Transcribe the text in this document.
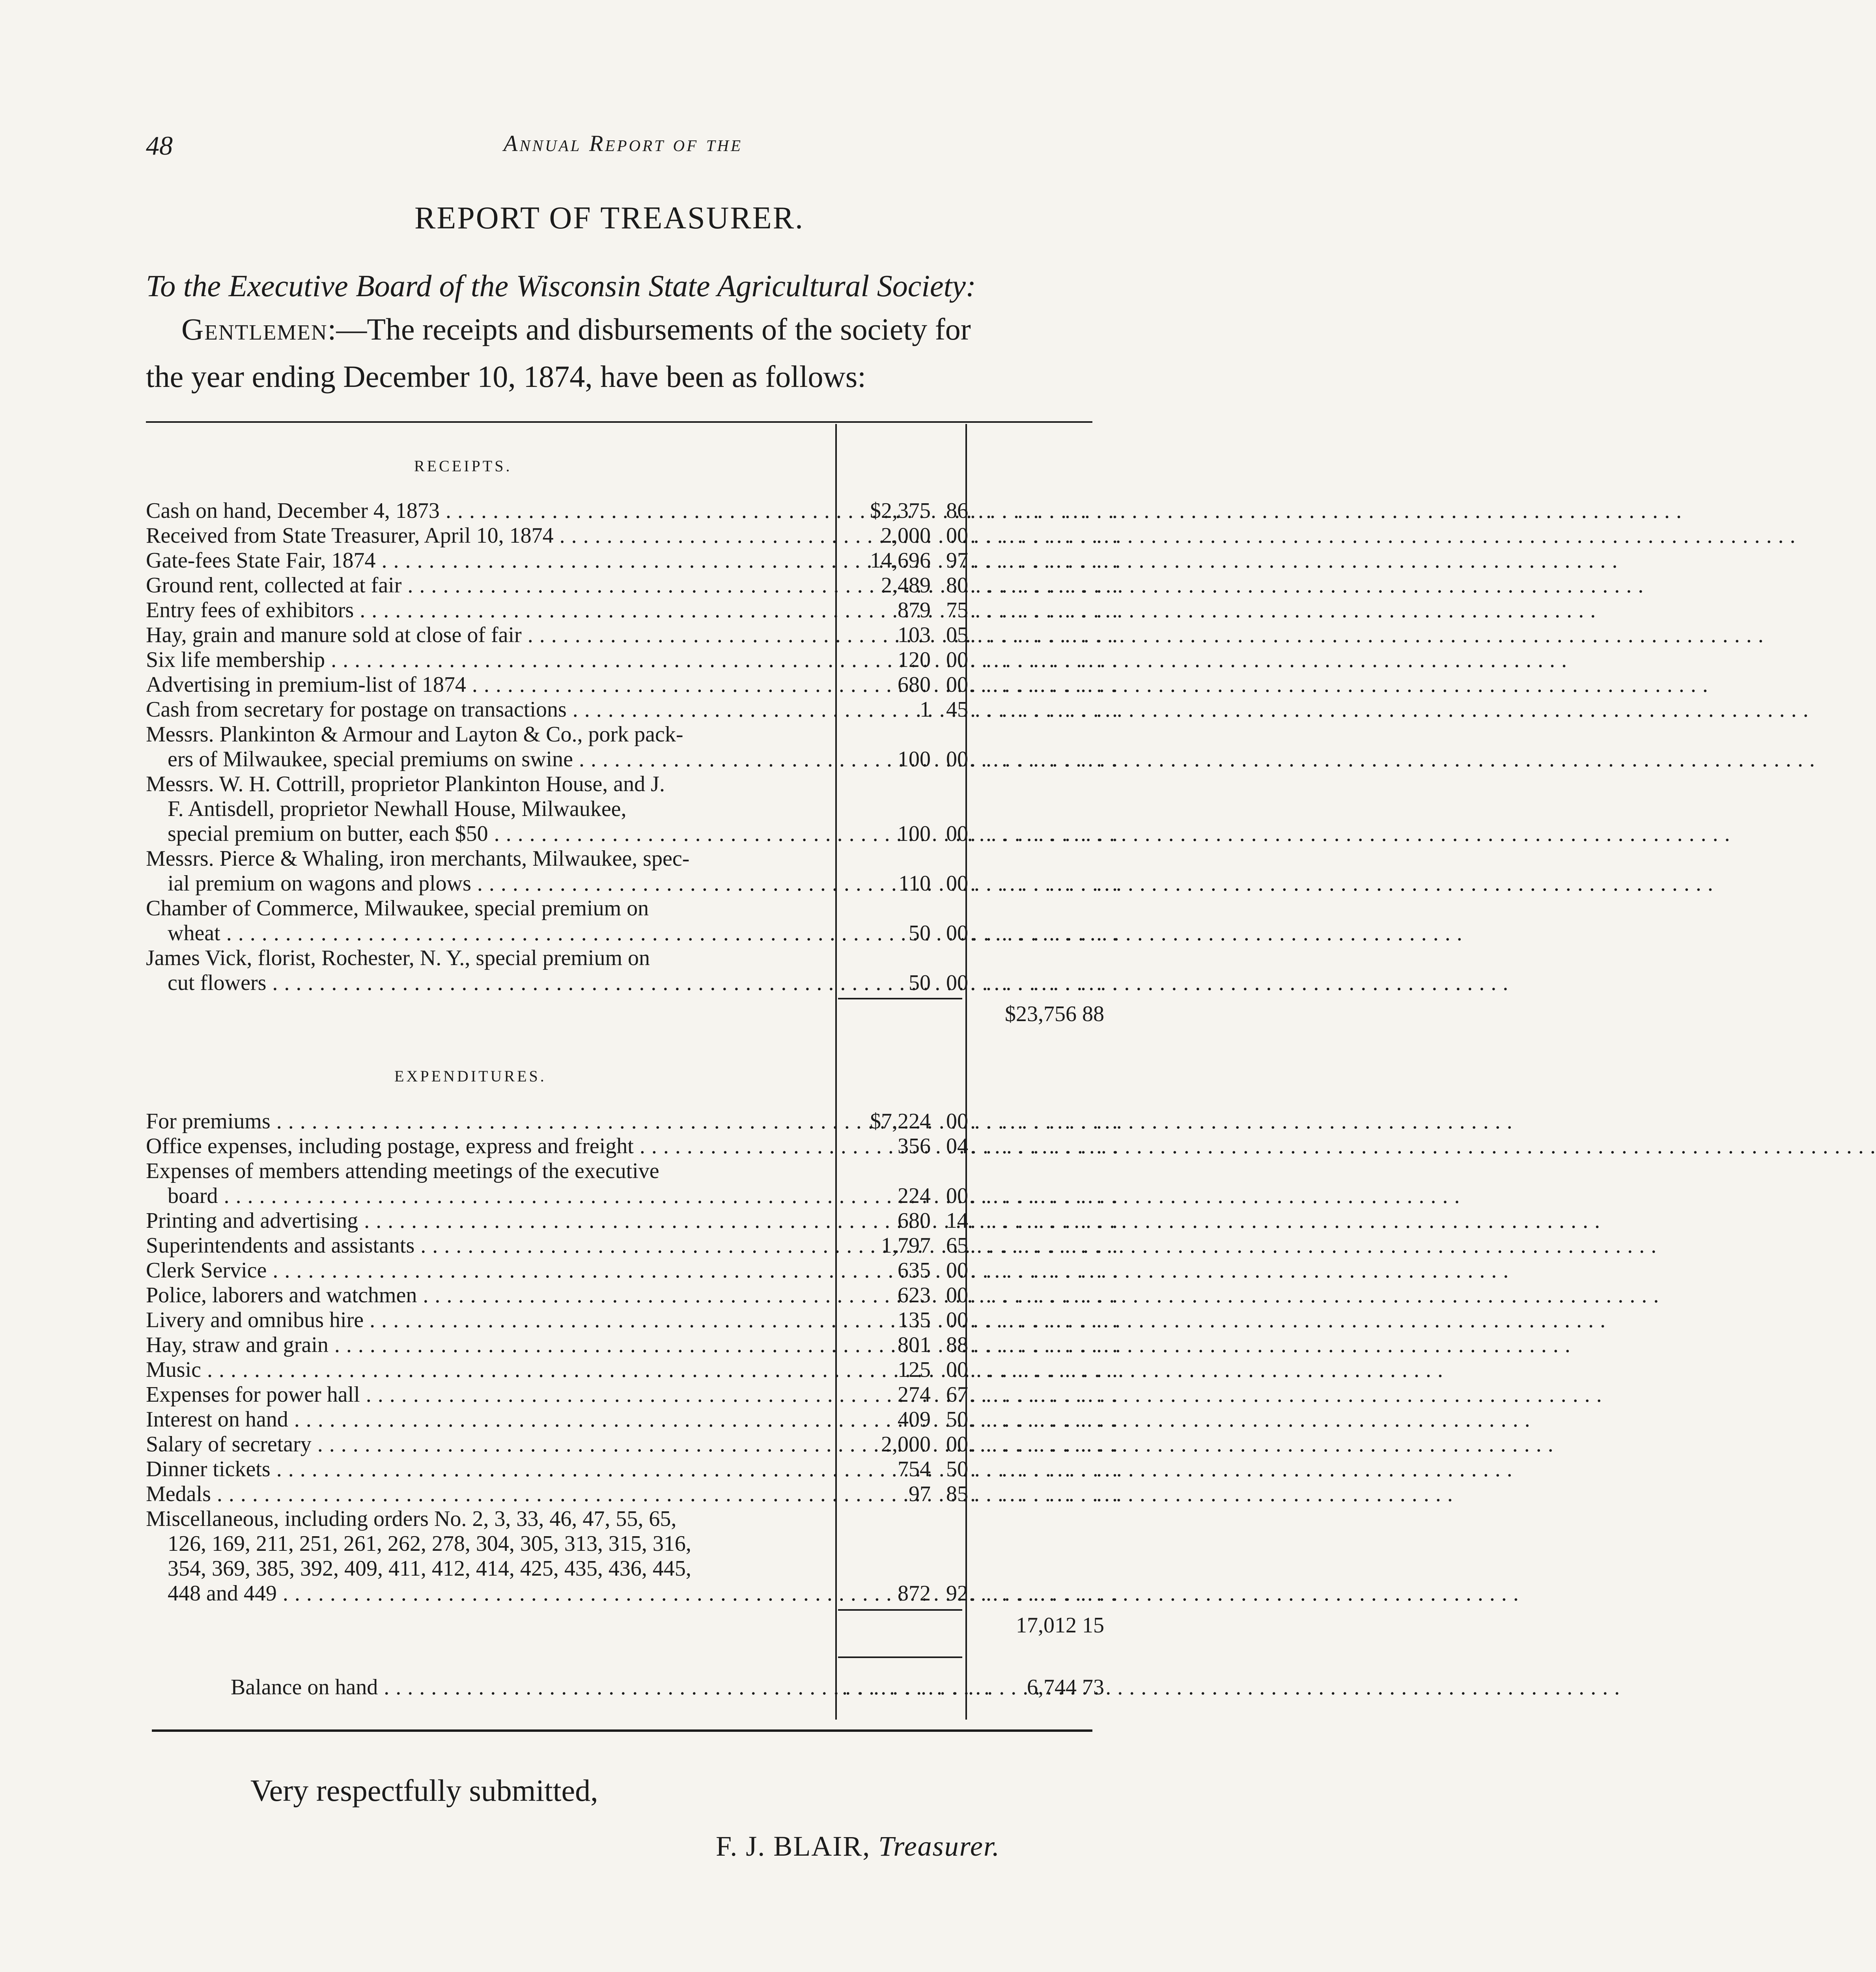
48	Annual Report of the
REPORT OF TREASURER.
To the Executive Board of the Wisconsin State Agricultural Society:
Gentlemen:—The receipts and disbursements of the society for
the year ending December 10, 1874, have been as follows:
RECEIPTS.
Cash on hand, December 4, 1873 . . .	$2,375 86 . . . . . . . . . .
Received from State Treasurer, April 10, 1874 . . .	2,000 00 . . . . . . . . . .
Gate-fees State Fair, 1874 . . .	14,696 97 . . . . . . . . . .
Ground rent, collected at fair . . .	2,489 80 . . . . . . . . . .
Entry fees of exhibitors . . .	879 75 . . . . . . . . . .
Hay, grain and manure sold at close of fair . . .	103 05 . . . . . . . . . .
Six life membership . . .	120 00 . . . . . . . . . .
Advertising in premium-list of 1874 . . .	680 00 . . . . . . . . . .
Cash from secretary for postage on transactions . . .	1 45 . . . . . . . . . .
Messrs. Plankinton & Armour and Layton & Co., pork pack-
ers of Milwaukee, special premiums on swine . . .	100 00 . . . . . . . . . .
Messrs. W. H. Cottrill, proprietor Plankinton House, and J.
F. Antisdell, proprietor Newhall House, Milwaukee,
special premium on butter, each $50 . . .	100 00 . . . . . . . . . .
Messrs. Pierce & Whaling, iron merchants, Milwaukee, spec-
ial premium on wagons and plows . . .	110 00 . . . . . . . . . .
Chamber of Commerce, Milwaukee, special premium on
wheat . . .	50 00 . . . . . . . . . .
James Vick, florist, Rochester, N. Y., special premium on
cut flowers . . .	50 00 . . . . . . . . . .
$23,756 88
EXPENDITURES.
For premiums . . .	$7,224 00 . . . . . . . . . .
Office expenses, including postage, express and freight . . .	356 04 . . . . . . . . . .
Expenses of members attending meetings of the executive
board . . .	224 00 . . . . . . . . . .
Printing and advertising . . .	680 14 . . . . . . . . . .
Superintendents and assistants . . .	1,797 65 . . . . . . . . . .
Clerk Service . . .	635 00 . . . . . . . . . .
Police, laborers and watchmen . . .	623 00 . . . . . . . . . .
Livery and omnibus hire . . .	135 00 . . . . . . . . . .
Hay, straw and grain . . .	801 88 . . . . . . . . . .
Music . . .	125 00 . . . . . . . . . .
Expenses for power hall . . .	274 67 . . . . . . . . . .
Interest on hand . . .	409 50 . . . . . . . . . .
Salary of secretary . . .	2,000 00 . . . . . . . . . .
Dinner tickets . . .	754 50 . . . . . . . . . .
Medals . . .	97 85 . . . . . . . . . .
Miscellaneous, including orders No. 2, 3, 33, 46, 47, 55, 65,
126, 169, 211, 251, 261, 262, 278, 304, 305, 313, 315, 316,
354, 369, 385, 392, 409, 411, 412, 414, 425, 435, 436, 445,
448 and 449 . . .	872 92 . . . . . . . . . .
17,012 15
Balance on hand . . .	. . . . . . . . . .	6,744 73
Very respectfully submitted,
F. J. BLAIR, Treasurer.
